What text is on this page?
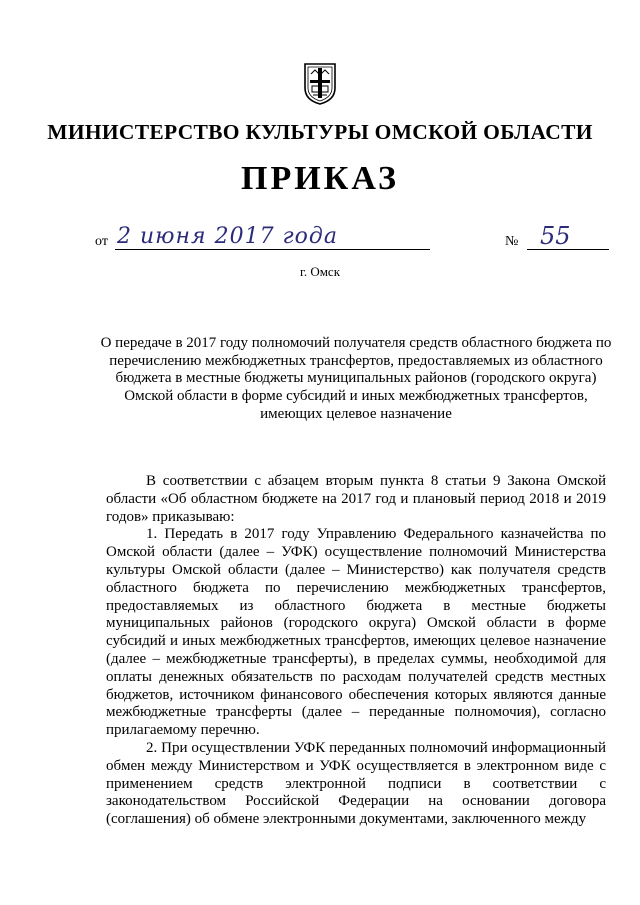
МИНИСТЕРСТВО КУЛЬТУРЫ ОМСКОЙ ОБЛАСТИ
ПРИКАЗ
от 2 июня 2017 года	№ 55
г. Омск
О передаче в 2017 году полномочий получателя средств областного бюджета по перечислению межбюджетных трансфертов, предоставляемых из областного бюджета в местные бюджеты муниципальных районов (городского округа) Омской области в форме субсидий и иных межбюджетных трансфертов, имеющих целевое назначение

В соответствии с абзацем вторым пункта 8 статьи 9 Закона Омской области «Об областном бюджете на 2017 год и плановый период 2018 и 2019 годов» приказываю:

1. Передать в 2017 году Управлению Федерального казначейства по Омской области (далее – УФК) осуществление полномочий Министерства культуры Омской области (далее – Министерство) как получателя средств областного бюджета по перечислению межбюджетных трансфертов, предоставляемых из областного бюджета в местные бюджеты муниципальных районов (городского округа) Омской области в форме субсидий и иных межбюджетных трансфертов, имеющих целевое назначение (далее – межбюджетные трансферты), в пределах суммы, необходимой для оплаты денежных обязательств по расходам получателей средств местных бюджетов, источником финансового обеспечения которых являются данные межбюджетные трансферты (далее – переданные полномочия), согласно прилагаемому перечню.

2. При осуществлении УФК переданных полномочий информационный обмен между Министерством и УФК осуществляется в электронном виде с применением средств электронной подписи в соответствии с законодательством Российской Федерации на основании договора (соглашения) об обмене электронными документами, заключенного между
